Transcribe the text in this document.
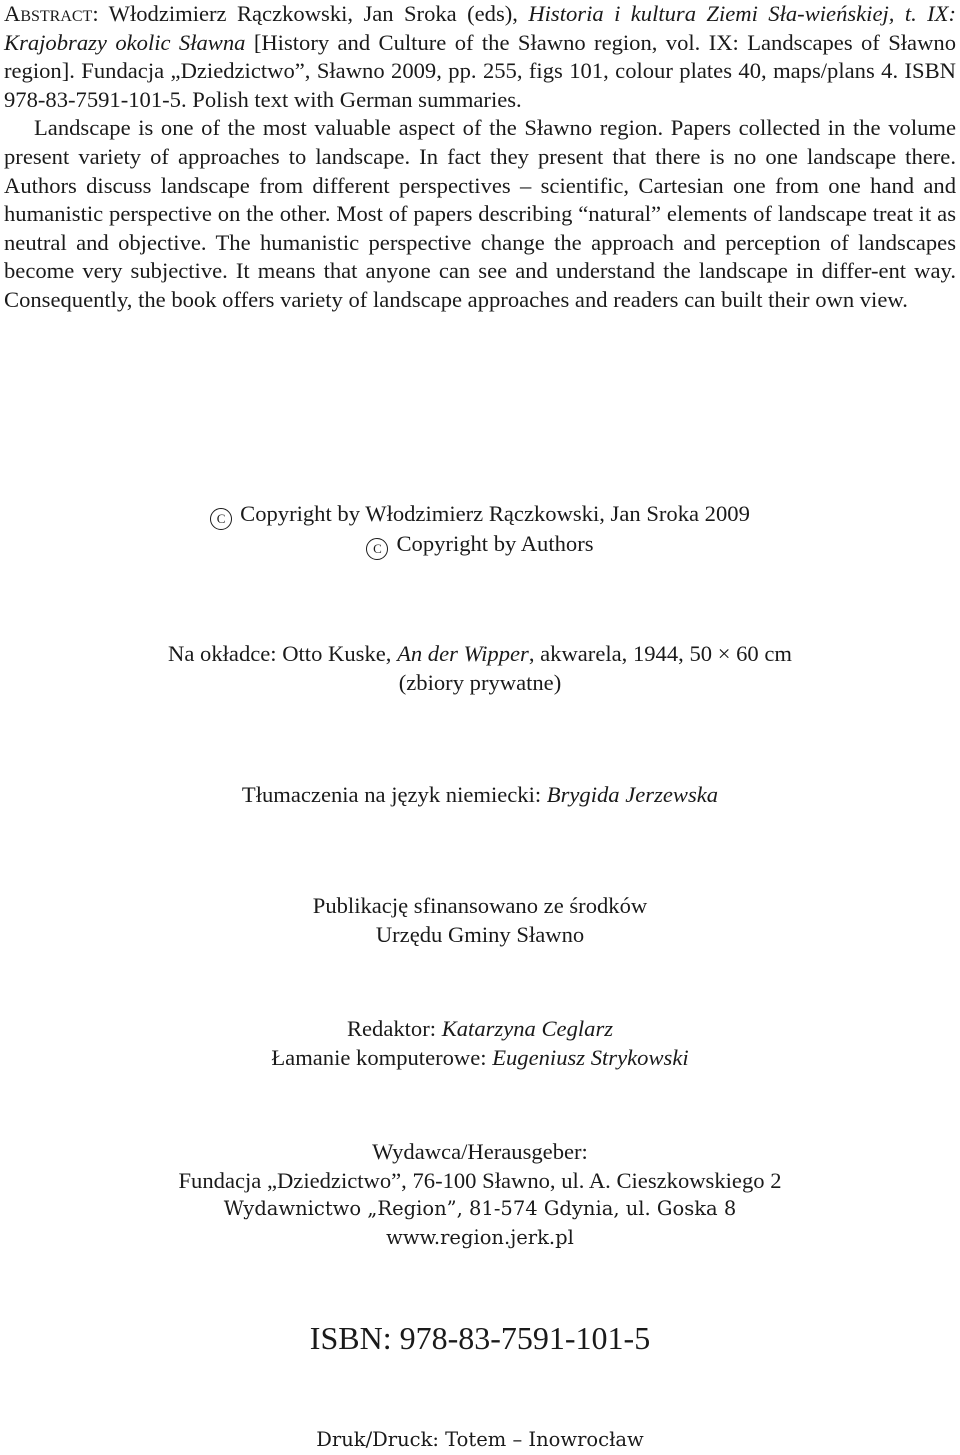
Abstract: Włodzimierz Rączkowski, Jan Sroka (eds), Historia i kultura Ziemi Sła-wieńskiej, t. IX: Krajobrazy okolic Sławna [History and Culture of the Sławno region, vol. IX: Landscapes of Sławno region]. Fundacja „Dziedzictwo”, Sławno 2009, pp. 255, figs 101, colour plates 40, maps/plans 4. ISBN 978-83-7591-101-5. Polish text with German summaries.

Landscape is one of the most valuable aspect of the Sławno region. Papers collected in the volume present variety of approaches to landscape. In fact they present that there is no one landscape there. Authors discuss landscape from different perspectives – scientific, Cartesian one from one hand and humanistic perspective on the other. Most of papers describing “natural” elements of landscape treat it as neutral and objective. The humanistic perspective change the approach and perception of landscapes become very subjective. It means that anyone can see and understand the landscape in differ-ent way. Consequently, the book offers variety of landscape approaches and readers can built their own view.

C Copyright by Włodzimierz Rączkowski, Jan Sroka 2009
C Copyright by Authors
Na okładce: Otto Kuske, An der Wipper, akwarela, 1944, 50 × 60 cm
(zbiory prywatne)
Tłumaczenia na język niemiecki: Brygida Jerzewska
Publikację sfinansowano ze środków
Urzędu Gminy Sławno
Redaktor: Katarzyna Ceglarz
Łamanie komputerowe: Eugeniusz Strykowski
Wydawca/Herausgeber:
Fundacja „Dziedzictwo”, 76-100 Sławno, ul. A. Cieszkowskiego 2
Wydawnictwo „Region”, 81-574 Gdynia, ul. Goska 8
www.region.jerk.pl
ISBN: 978-83-7591-101-5
Druk/Druck: Totem – Inowrocław
